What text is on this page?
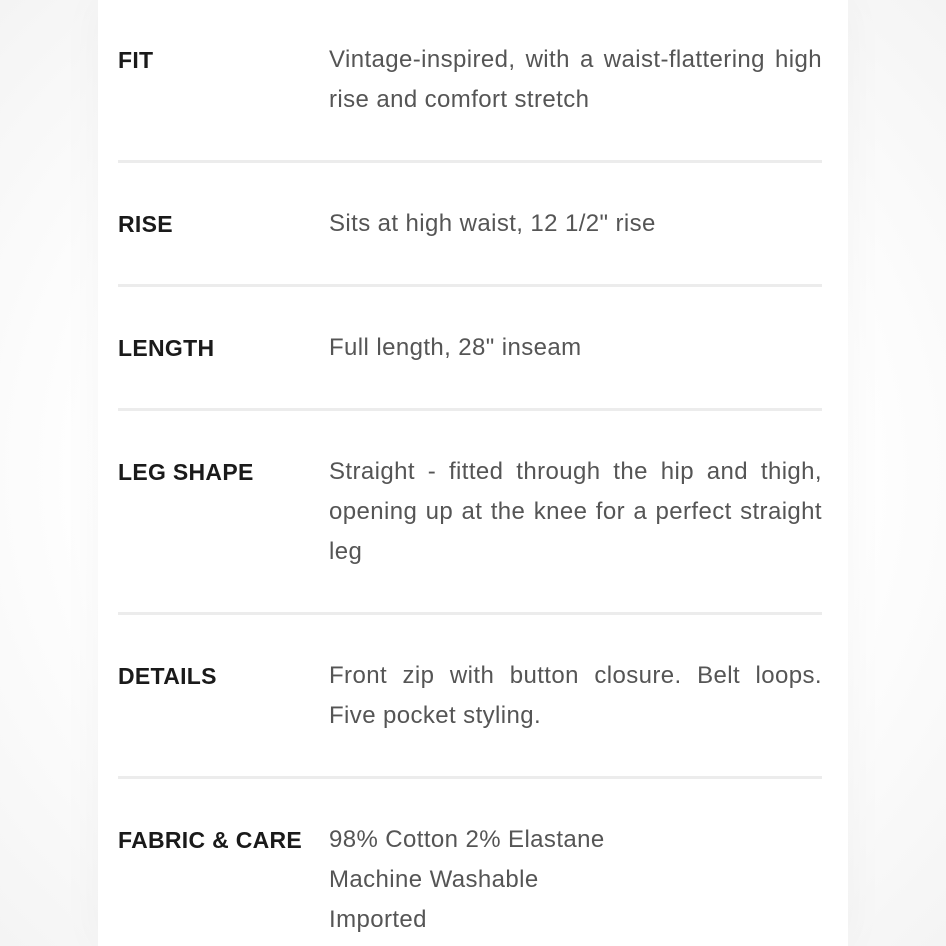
FIT	Vintage-inspired, with a waist-flattering high rise and comfort stretch
RISE	Sits at high waist, 12 1/2" rise
LENGTH	Full length, 28" inseam
LEG SHAPE	Straight - fitted through the hip and thigh, opening up at the knee for a perfect straight leg
DETAILS	Front zip with button closure. Belt loops. Five pocket styling.
FABRIC & CARE	98% Cotton 2% Elastane
Machine Washable
Imported
